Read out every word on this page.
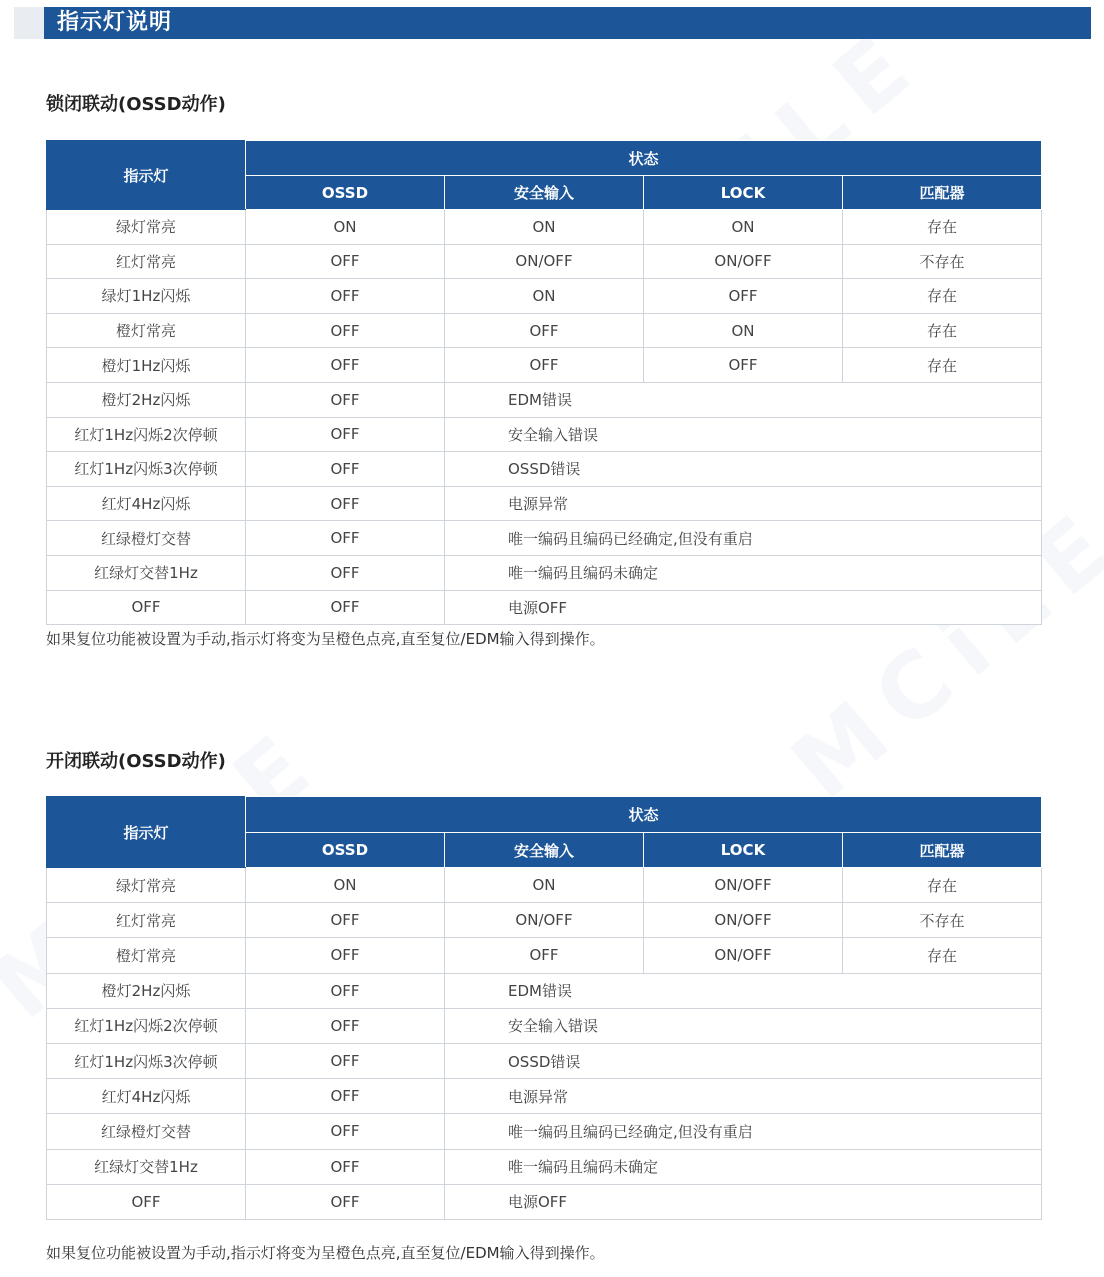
指示灯说明
锁闭联动(OSSD动作)
指示灯	状态			
	OSSD	安全输入	LOCK	匹配器
绿灯常亮	ON	ON	ON	存在
红灯常亮	OFF	ON/OFF	ON/OFF	不存在
绿灯1Hz闪烁	OFF	ON	OFF	存在
橙灯常亮	OFF	OFF	ON	存在
橙灯1Hz闪烁	OFF	OFF	OFF	存在
橙灯2Hz闪烁	OFF	EDM错误		
红灯1Hz闪烁2次停顿	OFF	安全输入错误		
红灯1Hz闪烁3次停顿	OFF	OSSD错误		
红灯4Hz闪烁	OFF	电源异常		
红绿橙灯交替	OFF	唯一编码且编码已经确定,但没有重启		
红绿灯交替1Hz	OFF	唯一编码且编码未确定		
OFF	OFF	电源OFF		
如果复位功能被设置为手动,指示灯将变为呈橙色点亮,直至复位/EDM输入得到操作。
开闭联动(OSSD动作)
指示灯	状态			
	OSSD	安全输入	LOCK	匹配器
绿灯常亮	ON	ON	ON/OFF	存在
红灯常亮	OFF	ON/OFF	ON/OFF	不存在
橙灯常亮	OFF	OFF	ON/OFF	存在
橙灯2Hz闪烁	OFF	EDM错误		
红灯1Hz闪烁2次停顿	OFF	安全输入错误		
红灯1Hz闪烁3次停顿	OFF	OSSD错误		
红灯4Hz闪烁	OFF	电源异常		
红绿橙灯交替	OFF	唯一编码且编码已经确定,但没有重启		
红绿灯交替1Hz	OFF	唯一编码且编码未确定		
OFF	OFF	电源OFF		
如果复位功能被设置为手动,指示灯将变为呈橙色点亮,直至复位/EDM输入得到操作。
